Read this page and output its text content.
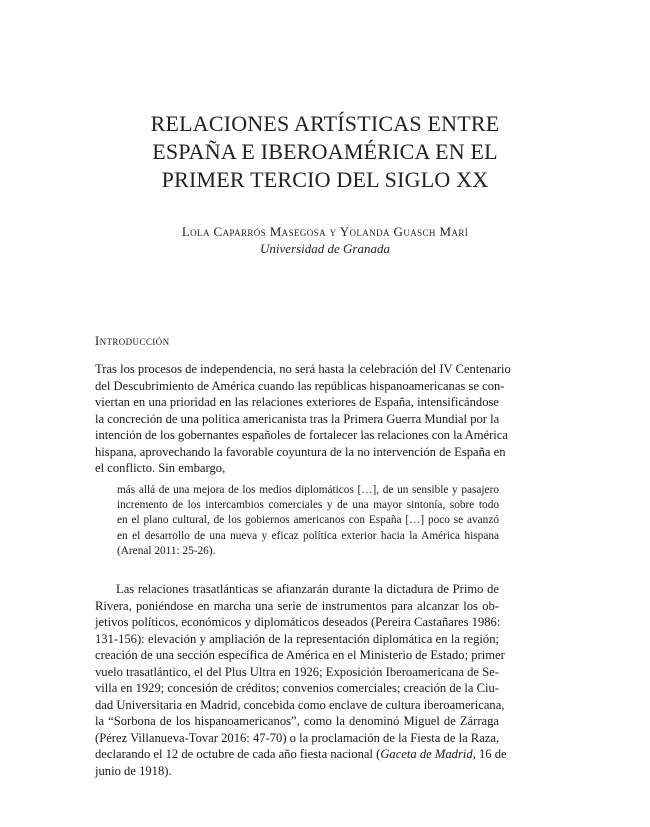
RELACIONES ARTÍSTICAS ENTRE
ESPAÑA E IBEROAMÉRICA EN EL
PRIMER TERCIO DEL SIGLO XX
Lola Caparrós Masegosa y Yolanda Guasch Marí
Universidad de Granada
Introducción
Tras los procesos de independencia, no será hasta la celebración del IV Centenario
del Descubrimiento de América cuando las repúblicas hispanoamericanas se con-
viertan en una prioridad en las relaciones exteriores de España, intensificándose
la concreción de una política americanista tras la Primera Guerra Mundial por la
intención de los gobernantes españoles de fortalecer las relaciones con la América
hispana, aprovechando la favorable coyuntura de la no intervención de España en
el conflicto. Sin embargo,
más allá de una mejora de los medios diplomáticos […], de un sensible y pasajero
incremento de los intercambios comerciales y de una mayor sintonía, sobre todo
en el plano cultural, de los gobiernos americanos con España […] poco se avanzó
en el desarrollo de una nueva y eficaz política exterior hacia la América hispana
(Arenal 2011: 25-26).
Las relaciones trasatlánticas se afianzarán durante la dictadura de Primo de
Rivera, poniéndose en marcha una serie de instrumentos para alcanzar los ob-
jetivos políticos, económicos y diplomáticos deseados (Pereira Castañares 1986:
131-156): elevación y ampliación de la representación diplomática en la región;
creación de una sección específica de América en el Ministerio de Estado; primer
vuelo trasatlántico, el del Plus Ultra en 1926; Exposición Iberoamericana de Se-
villa en 1929; concesión de créditos; convenios comerciales; creación de la Ciu-
dad Universitaria en Madrid, concebida como enclave de cultura iberoamericana,
la “Sorbona de los hispanoamericanos”, como la denominó Miguel de Zárraga
(Pérez Villanueva-Tovar 2016: 47-70) o la proclamación de la Fiesta de la Raza,
declarando el 12 de octubre de cada año fiesta nacional (Gaceta de Madrid, 16 de
junio de 1918).
